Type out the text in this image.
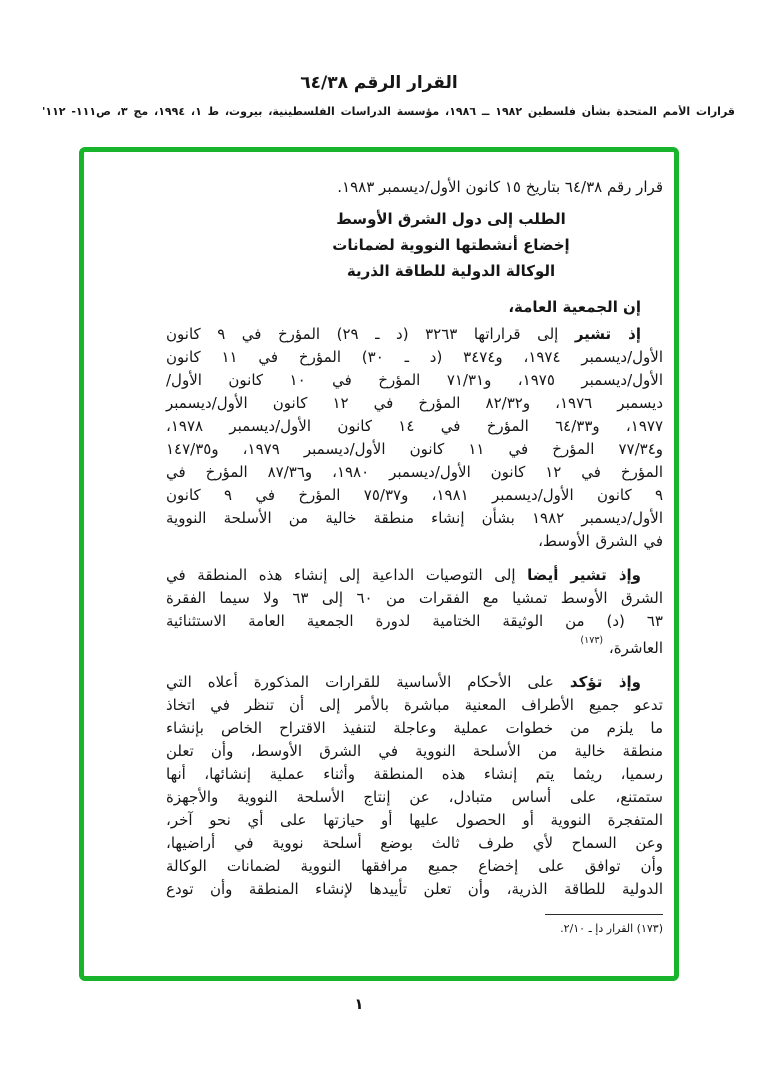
القرار الرقم ٦٤/٣٨
قرارات الأمم المتحدة بشأن فلسطين ١٩٨٢ ــ ١٩٨٦، مؤسسة الدراسات الفلسطينية، بيروت، ط ١، ١٩٩٤، مج ٣، ص١١١- ١١٢'
قرار رقم ٦٤/٣٨ بتاريخ ١٥ كانون الأول/ديسمبر ١٩٨٣.
الطلب إلى دول الشرق الأوسط
إخضاع أنشطتها النووية لضمانات
الوكالة الدولية للطاقة الذرية
إن الجمعية العامة،
إذ تشير إلى قراراتها ٣٢٦٣ (د ـ ٢٩) المؤرخ في ٩ كانون
الأول/ديسمبر ١٩٧٤، و٣٤٧٤ (د ـ ٣٠) المؤرخ في ١١ كانون
الأول/ديسمبر ١٩٧٥، و٧١/٣١ المؤرخ في ١٠ كانون الأول/
ديسمبر ١٩٧٦، و٨٢/٣٢ المؤرخ في ١٢ كانون الأول/ديسمبر
١٩٧٧، و٦٤/٣٣ المؤرخ في ١٤ كانون الأول/ديسمبر ١٩٧٨،
و٧٧/٣٤ المؤرخ في ١١ كانون الأول/ديسمبر ١٩٧٩، و١٤٧/٣٥
المؤرخ في ١٢ كانون الأول/ديسمبر ١٩٨٠، و٨٧/٣٦ المؤرخ في
٩ كانون الأول/ديسمبر ١٩٨١، و٧٥/٣٧ المؤرخ في ٩ كانون
الأول/ديسمبر ١٩٨٢ بشأن إنشاء منطقة خالية من الأسلحة النووية
في الشرق الأوسط،
وإذ تشير أيضا إلى التوصيات الداعية إلى إنشاء هذه المنطقة في
الشرق الأوسط تمشيا مع الفقرات من ٦٠ إلى ٦٣ ولا سيما الفقرة
٦٣ (د) من الوثيقة الختامية لدورة الجمعية العامة الاستثنائية
العاشرة، $^{(١٧٣)}$
وإذ تؤكد على الأحكام الأساسية للقرارات المذكورة أعلاه التي
تدعو جميع الأطراف المعنية مباشرة بالأمر إلى أن تنظر في اتخاذ
ما يلزم من خطوات عملية وعاجلة لتنفيذ الاقتراح الخاص بإنشاء
منطقة خالية من الأسلحة النووية في الشرق الأوسط، وأن تعلن
رسميا، ريثما يتم إنشاء هذه المنطقة وأثناء عملية إنشائها، أنها
ستمتنع، على أساس متبادل، عن إنتاج الأسلحة النووية والأجهزة
المتفجرة النووية أو الحصول عليها أو حيازتها على أي نحو آخر،
وعن السماح لأي طرف ثالث بوضع أسلحة نووية في أراضيها،
وأن توافق على إخضاع جميع مرافقها النووية لضمانات الوكالة
الدولية للطاقة الذرية، وأن تعلن تأييدها لإنشاء المنطقة وأن تودع
(١٧٣) القرار دإ ـ ٢/١٠.
١
